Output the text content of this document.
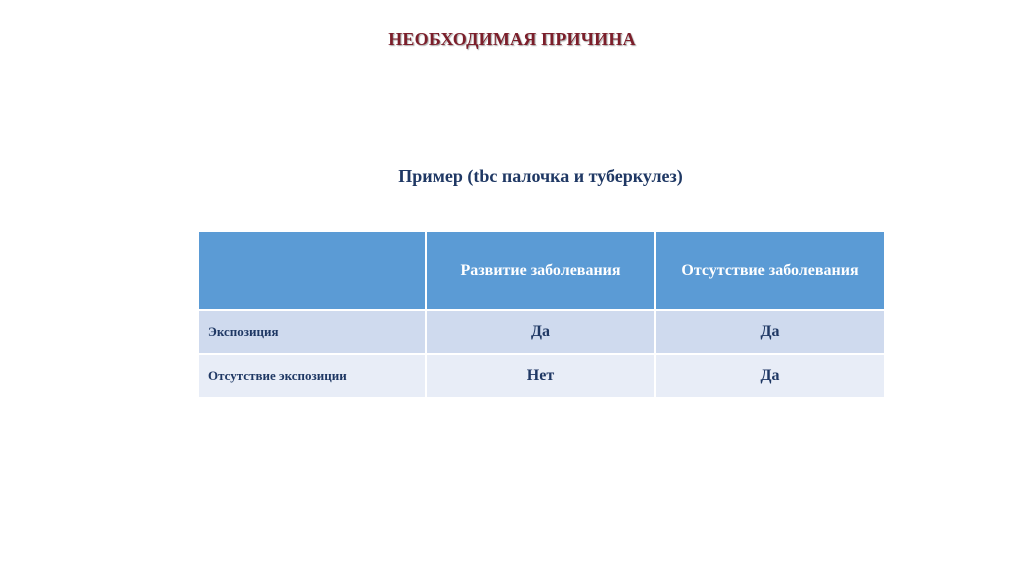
НЕОБХОДИМАЯ ПРИЧИНА
Пример (tbc палочка и туберкулез)
	Развитие заболевания	Отсутствие заболевания
Экспозиция	Да	Да
Отсутствие экспозиции	Нет	Да
